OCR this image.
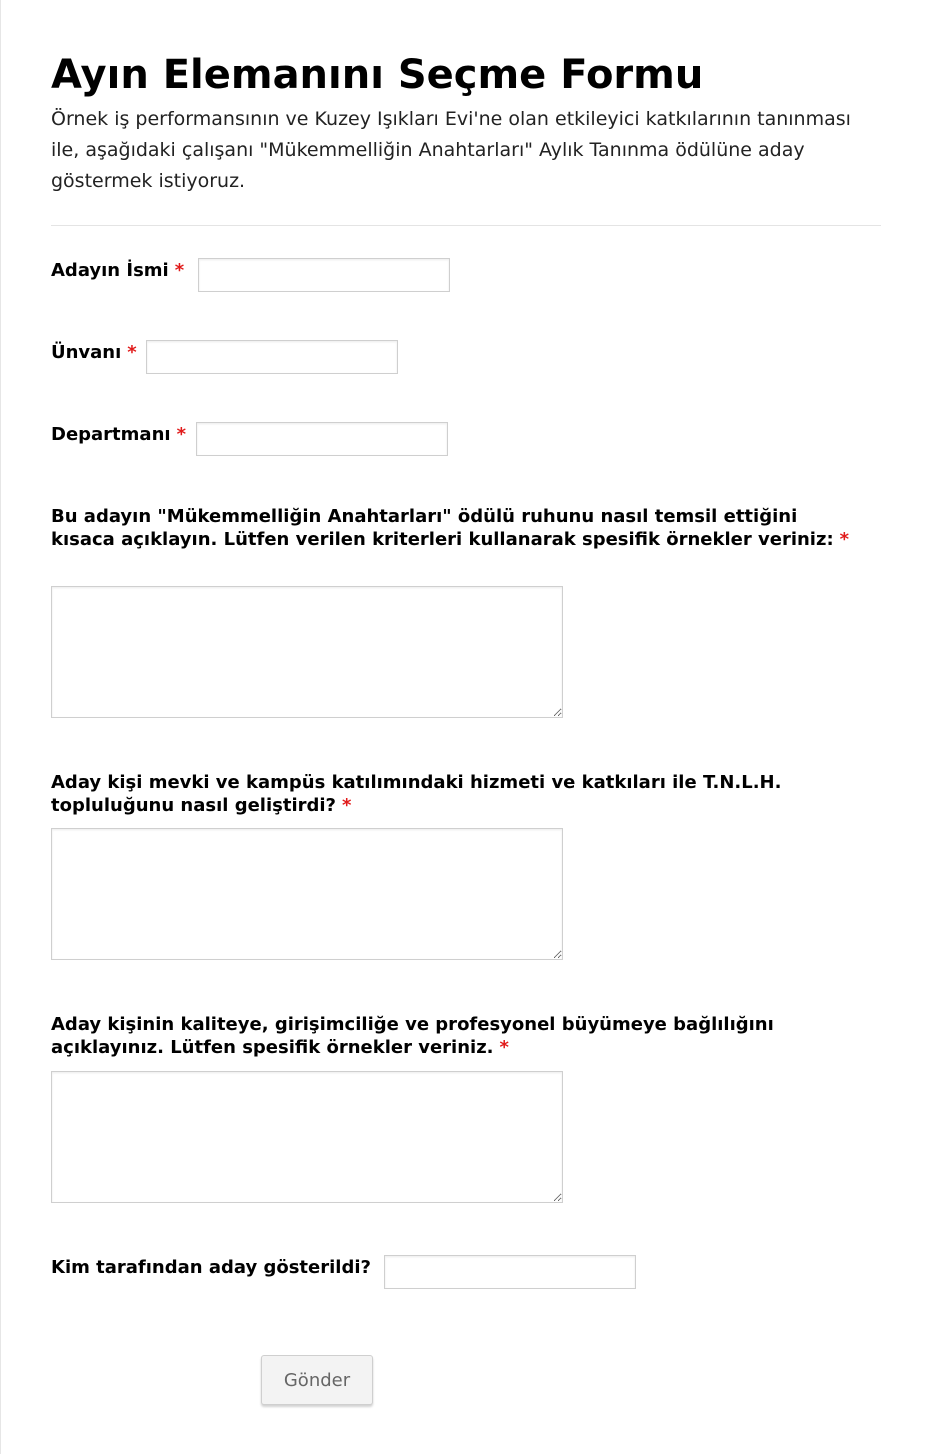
Ayın Elemanını Seçme Formu

Örnek iş performansının ve Kuzey Işıkları Evi'ne olan etkileyici katkılarının tanınması ile, aşağıdaki çalışanı "Mükemmelliğin Anahtarları" Aylık Tanınma ödülüne aday göstermek istiyoruz.

Adayın İsmi *
Ünvanı *
Departmanı *
Bu adayın "Mükemmelliğin Anahtarları" ödülü ruhunu nasıl temsil ettiğini kısaca açıklayın. Lütfen verilen kriterleri kullanarak spesifik örnekler veriniz: *
Aday kişi mevki ve kampüs katılımındaki hizmeti ve katkıları ile T.N.L.H. topluluğunu nasıl geliştirdi? *
Aday kişinin kaliteye, girişimciliğe ve profesyonel büyümeye bağlılığını açıklayınız. Lütfen spesifik örnekler veriniz. *
Kim tarafından aday gösterildi?
Gönder
